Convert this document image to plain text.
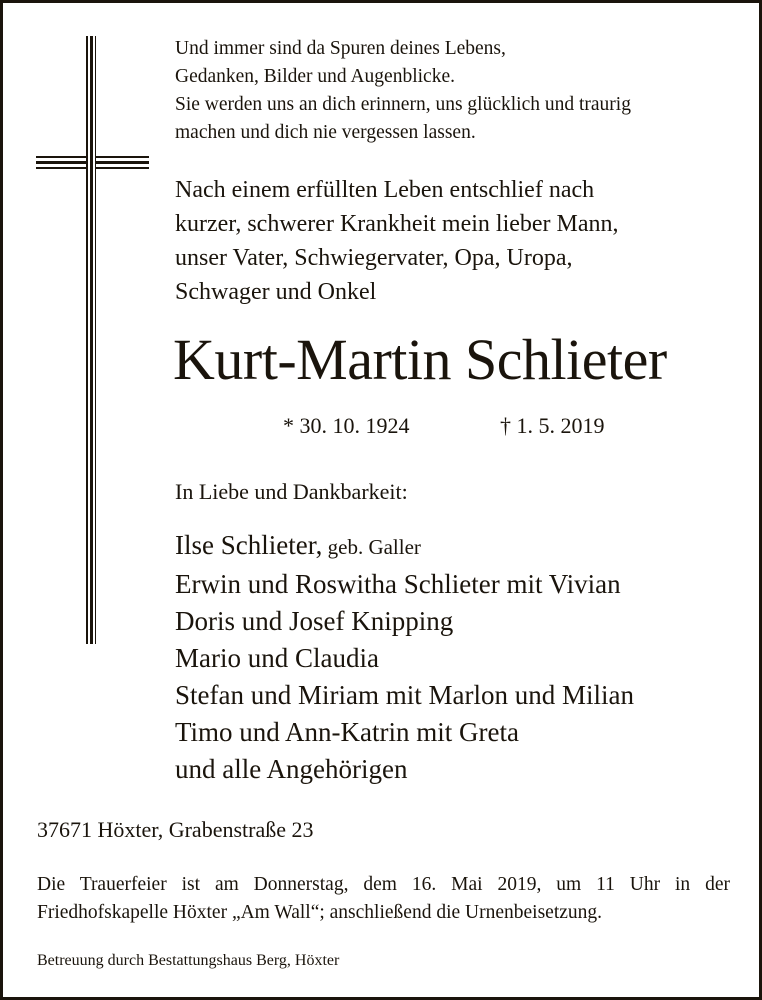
Und immer sind da Spuren deines Lebens,
Gedanken, Bilder und Augenblicke.
Sie werden uns an dich erinnern, uns glücklich und traurig
machen und dich nie vergessen lassen.
Nach einem erfüllten Leben entschlief nach
kurzer, schwerer Krankheit mein lieber Mann,
unser Vater, Schwiegervater, Opa, Uropa,
Schwager und Onkel
Kurt-Martin Schlieter
* 30. 10. 1924	† 1. 5. 2019
In Liebe und Dankbarkeit:
Ilse Schlieter, geb. Galler
Erwin und Roswitha Schlieter mit Vivian
Doris und Josef Knipping
Mario und Claudia
Stefan und Miriam mit Marlon und Milian
Timo und Ann-Katrin mit Greta
und alle Angehörigen
37671 Höxter, Grabenstraße 23
Die Trauerfeier ist am Donnerstag, dem 16. Mai 2019, um 11 Uhr in der
Friedhofskapelle Höxter „Am Wall“; anschließend die Urnenbeisetzung.
Betreuung durch Bestattungshaus Berg, Höxter
